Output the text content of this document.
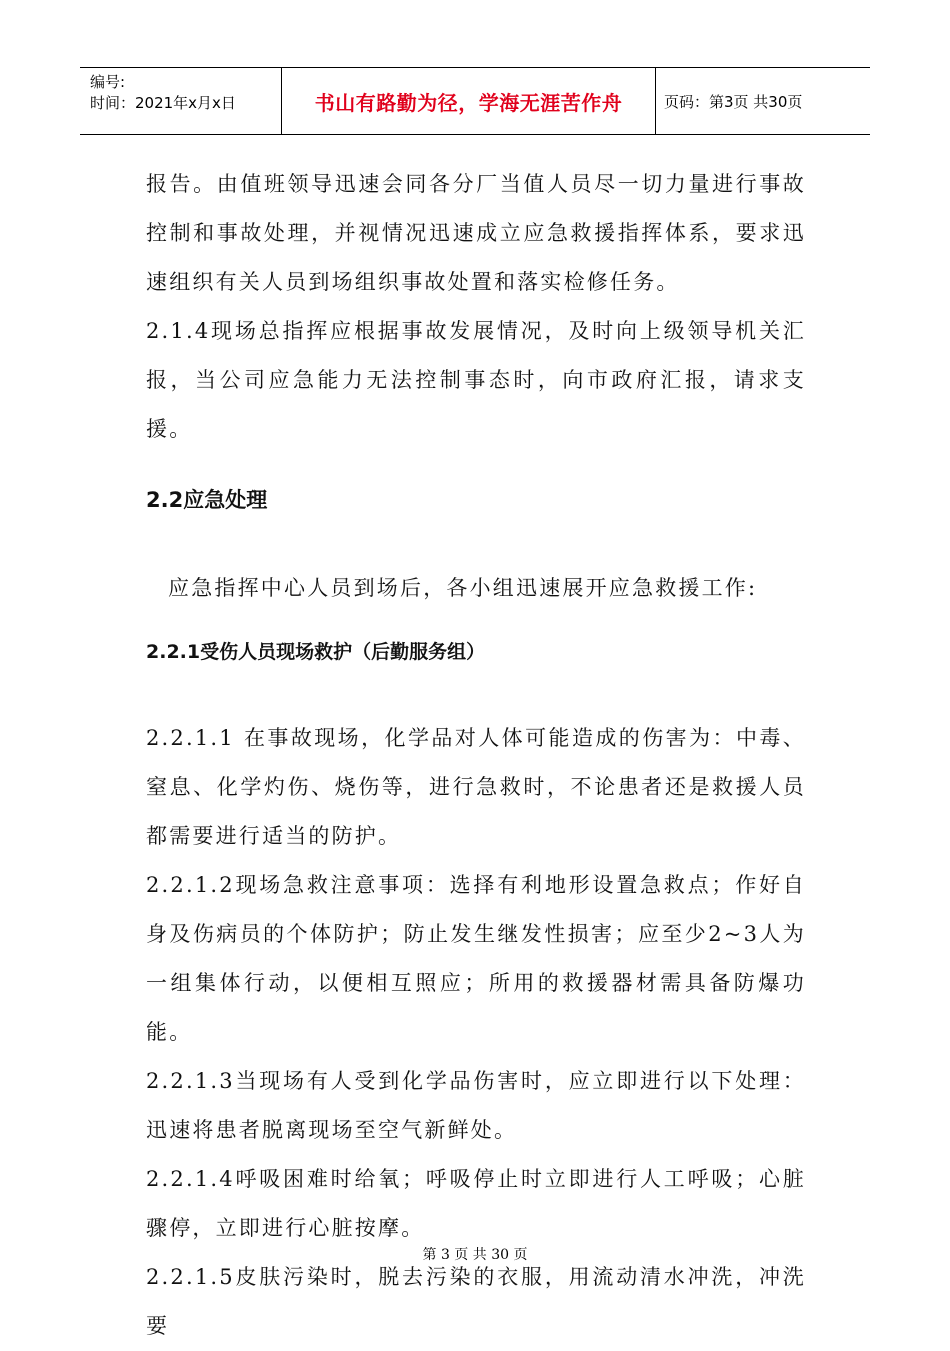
编号:
时间：2021年x月x日	书山有路勤为径，学海无涯苦作舟	页码：第3页 共30页

报告。由值班领导迅速会同各分厂当值人员尽一切力量进行事故控制和事故处理，并视情况迅速成立应急救援指挥体系，要求迅速组织有关人员到场组织事故处置和落实检修任务。

2.1.4现场总指挥应根据事故发展情况，及时向上级领导机关汇报，当公司应急能力无法控制事态时，向市政府汇报，请求支援。

2.2应急处理

应急指挥中心人员到场后，各小组迅速展开应急救援工作:

2.2.1受伤人员现场救护（后勤服务组）

2.2.1.1 在事故现场，化学品对人体可能造成的伤害为：中毒、窒息、化学灼伤、烧伤等，进行急救时，不论患者还是救援人员都需要进行适当的防护。

2.2.1.2现场急救注意事项：选择有利地形设置急救点；作好自身及伤病员的个体防护；防止发生继发性损害；应至少2~3人为一组集体行动，以便相互照应；所用的救援器材需具备防爆功能。

2.2.1.3当现场有人受到化学品伤害时，应立即进行以下处理：迅速将患者脱离现场至空气新鲜处。

2.2.1.4呼吸困难时给氧；呼吸停止时立即进行人工呼吸；心脏骤停，立即进行心脏按摩。

2.2.1.5皮肤污染时，脱去污染的衣服，用流动清水冲洗，冲洗要

第 3 页 共 30 页
